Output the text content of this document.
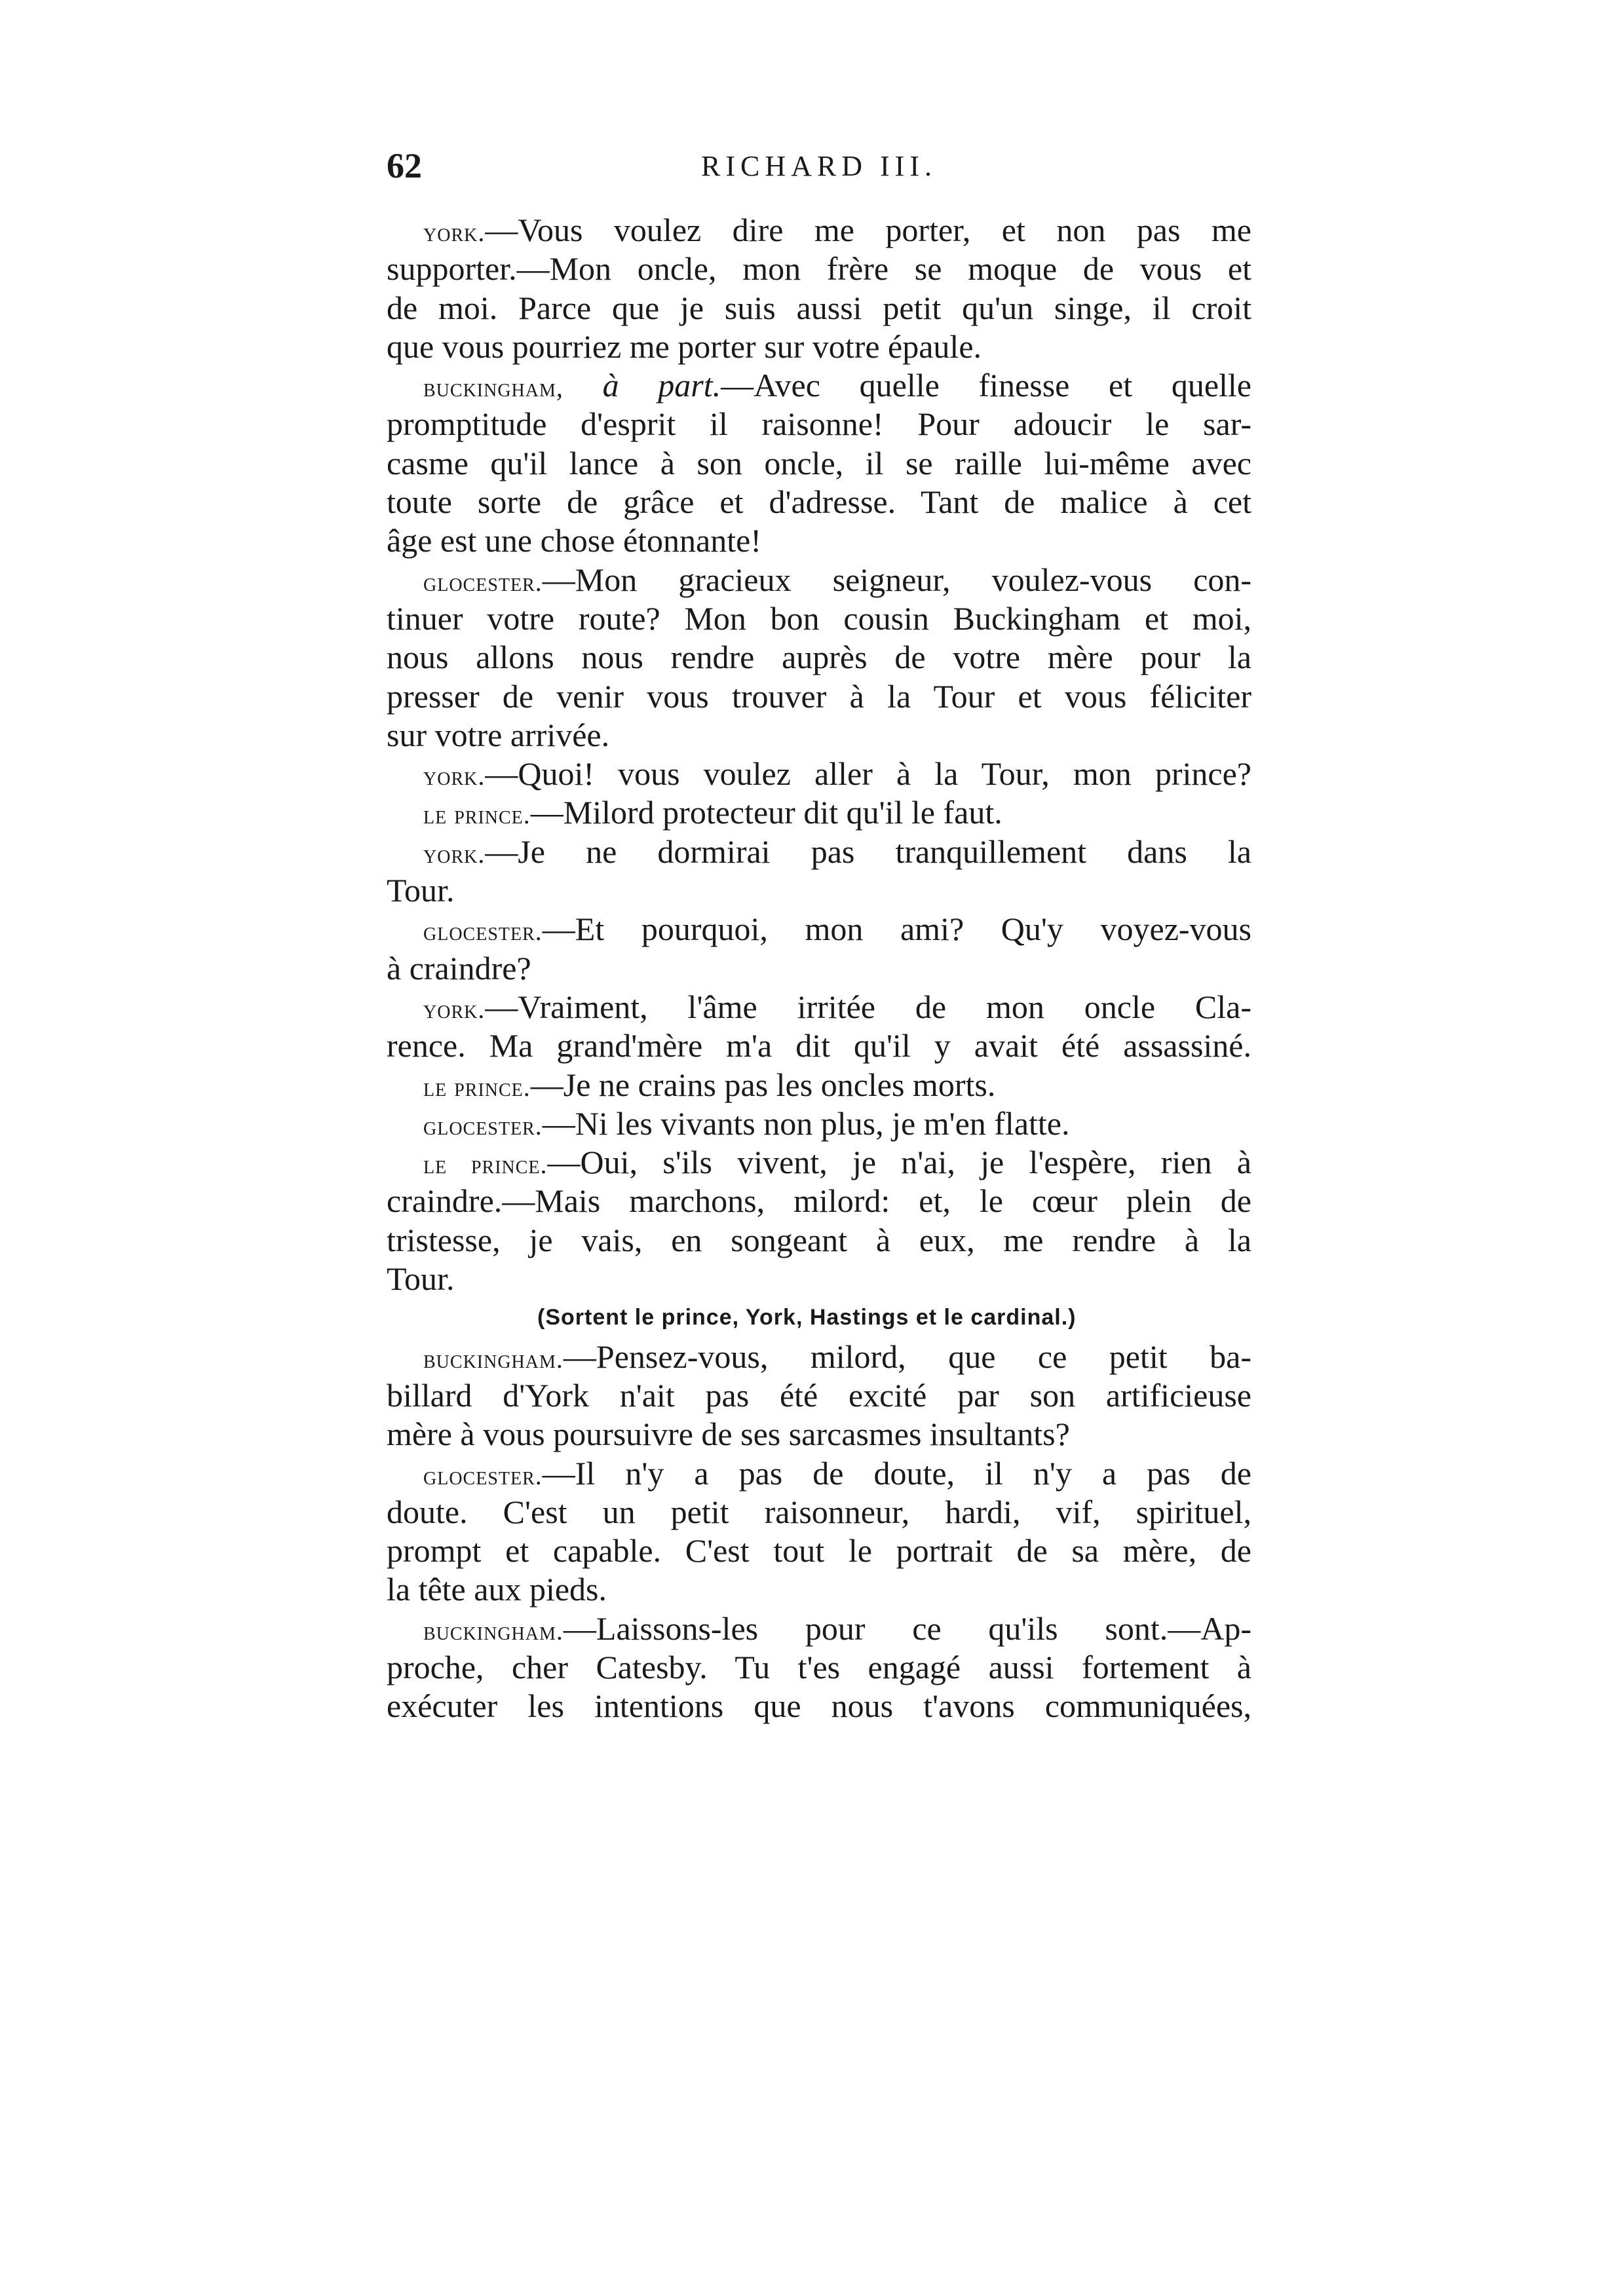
62	RICHARD III.
york.—Vous voulez dire me porter, et non pas me
supporter.—Mon oncle, mon frère se moque de vous et
de moi. Parce que je suis aussi petit qu'un singe, il croit
que vous pourriez me porter sur votre épaule.
buckingham, à part.—Avec quelle finesse et quelle
promptitude d'esprit il raisonne! Pour adoucir le sar-
casme qu'il lance à son oncle, il se raille lui-même avec
toute sorte de grâce et d'adresse. Tant de malice à cet
âge est une chose étonnante!
glocester.—Mon gracieux seigneur, voulez-vous con-
tinuer votre route? Mon bon cousin Buckingham et moi,
nous allons nous rendre auprès de votre mère pour la
presser de venir vous trouver à la Tour et vous féliciter
sur votre arrivée.
york.—Quoi! vous voulez aller à la Tour, mon prince?
le prince.—Milord protecteur dit qu'il le faut.
york.—Je ne dormirai pas tranquillement dans la
Tour.
glocester.—Et pourquoi, mon ami? Qu'y voyez-vous
à craindre?
york.—Vraiment, l'âme irritée de mon oncle Cla-
rence. Ma grand'mère m'a dit qu'il y avait été assassiné.
le prince.—Je ne crains pas les oncles morts.
glocester.—Ni les vivants non plus, je m'en flatte.
le prince.—Oui, s'ils vivent, je n'ai, je l'espère, rien à
craindre.—Mais marchons, milord: et, le cœur plein de
tristesse, je vais, en songeant à eux, me rendre à la
Tour.
(Sortent le prince, York, Hastings et le cardinal.)
buckingham.—Pensez-vous, milord, que ce petit ba-
billard d'York n'ait pas été excité par son artificieuse
mère à vous poursuivre de ses sarcasmes insultants?
glocester.—Il n'y a pas de doute, il n'y a pas de
doute. C'est un petit raisonneur, hardi, vif, spirituel,
prompt et capable. C'est tout le portrait de sa mère, de
la tête aux pieds.
buckingham.—Laissons-les pour ce qu'ils sont.—Ap-
proche, cher Catesby. Tu t'es engagé aussi fortement à
exécuter les intentions que nous t'avons communiquées,
